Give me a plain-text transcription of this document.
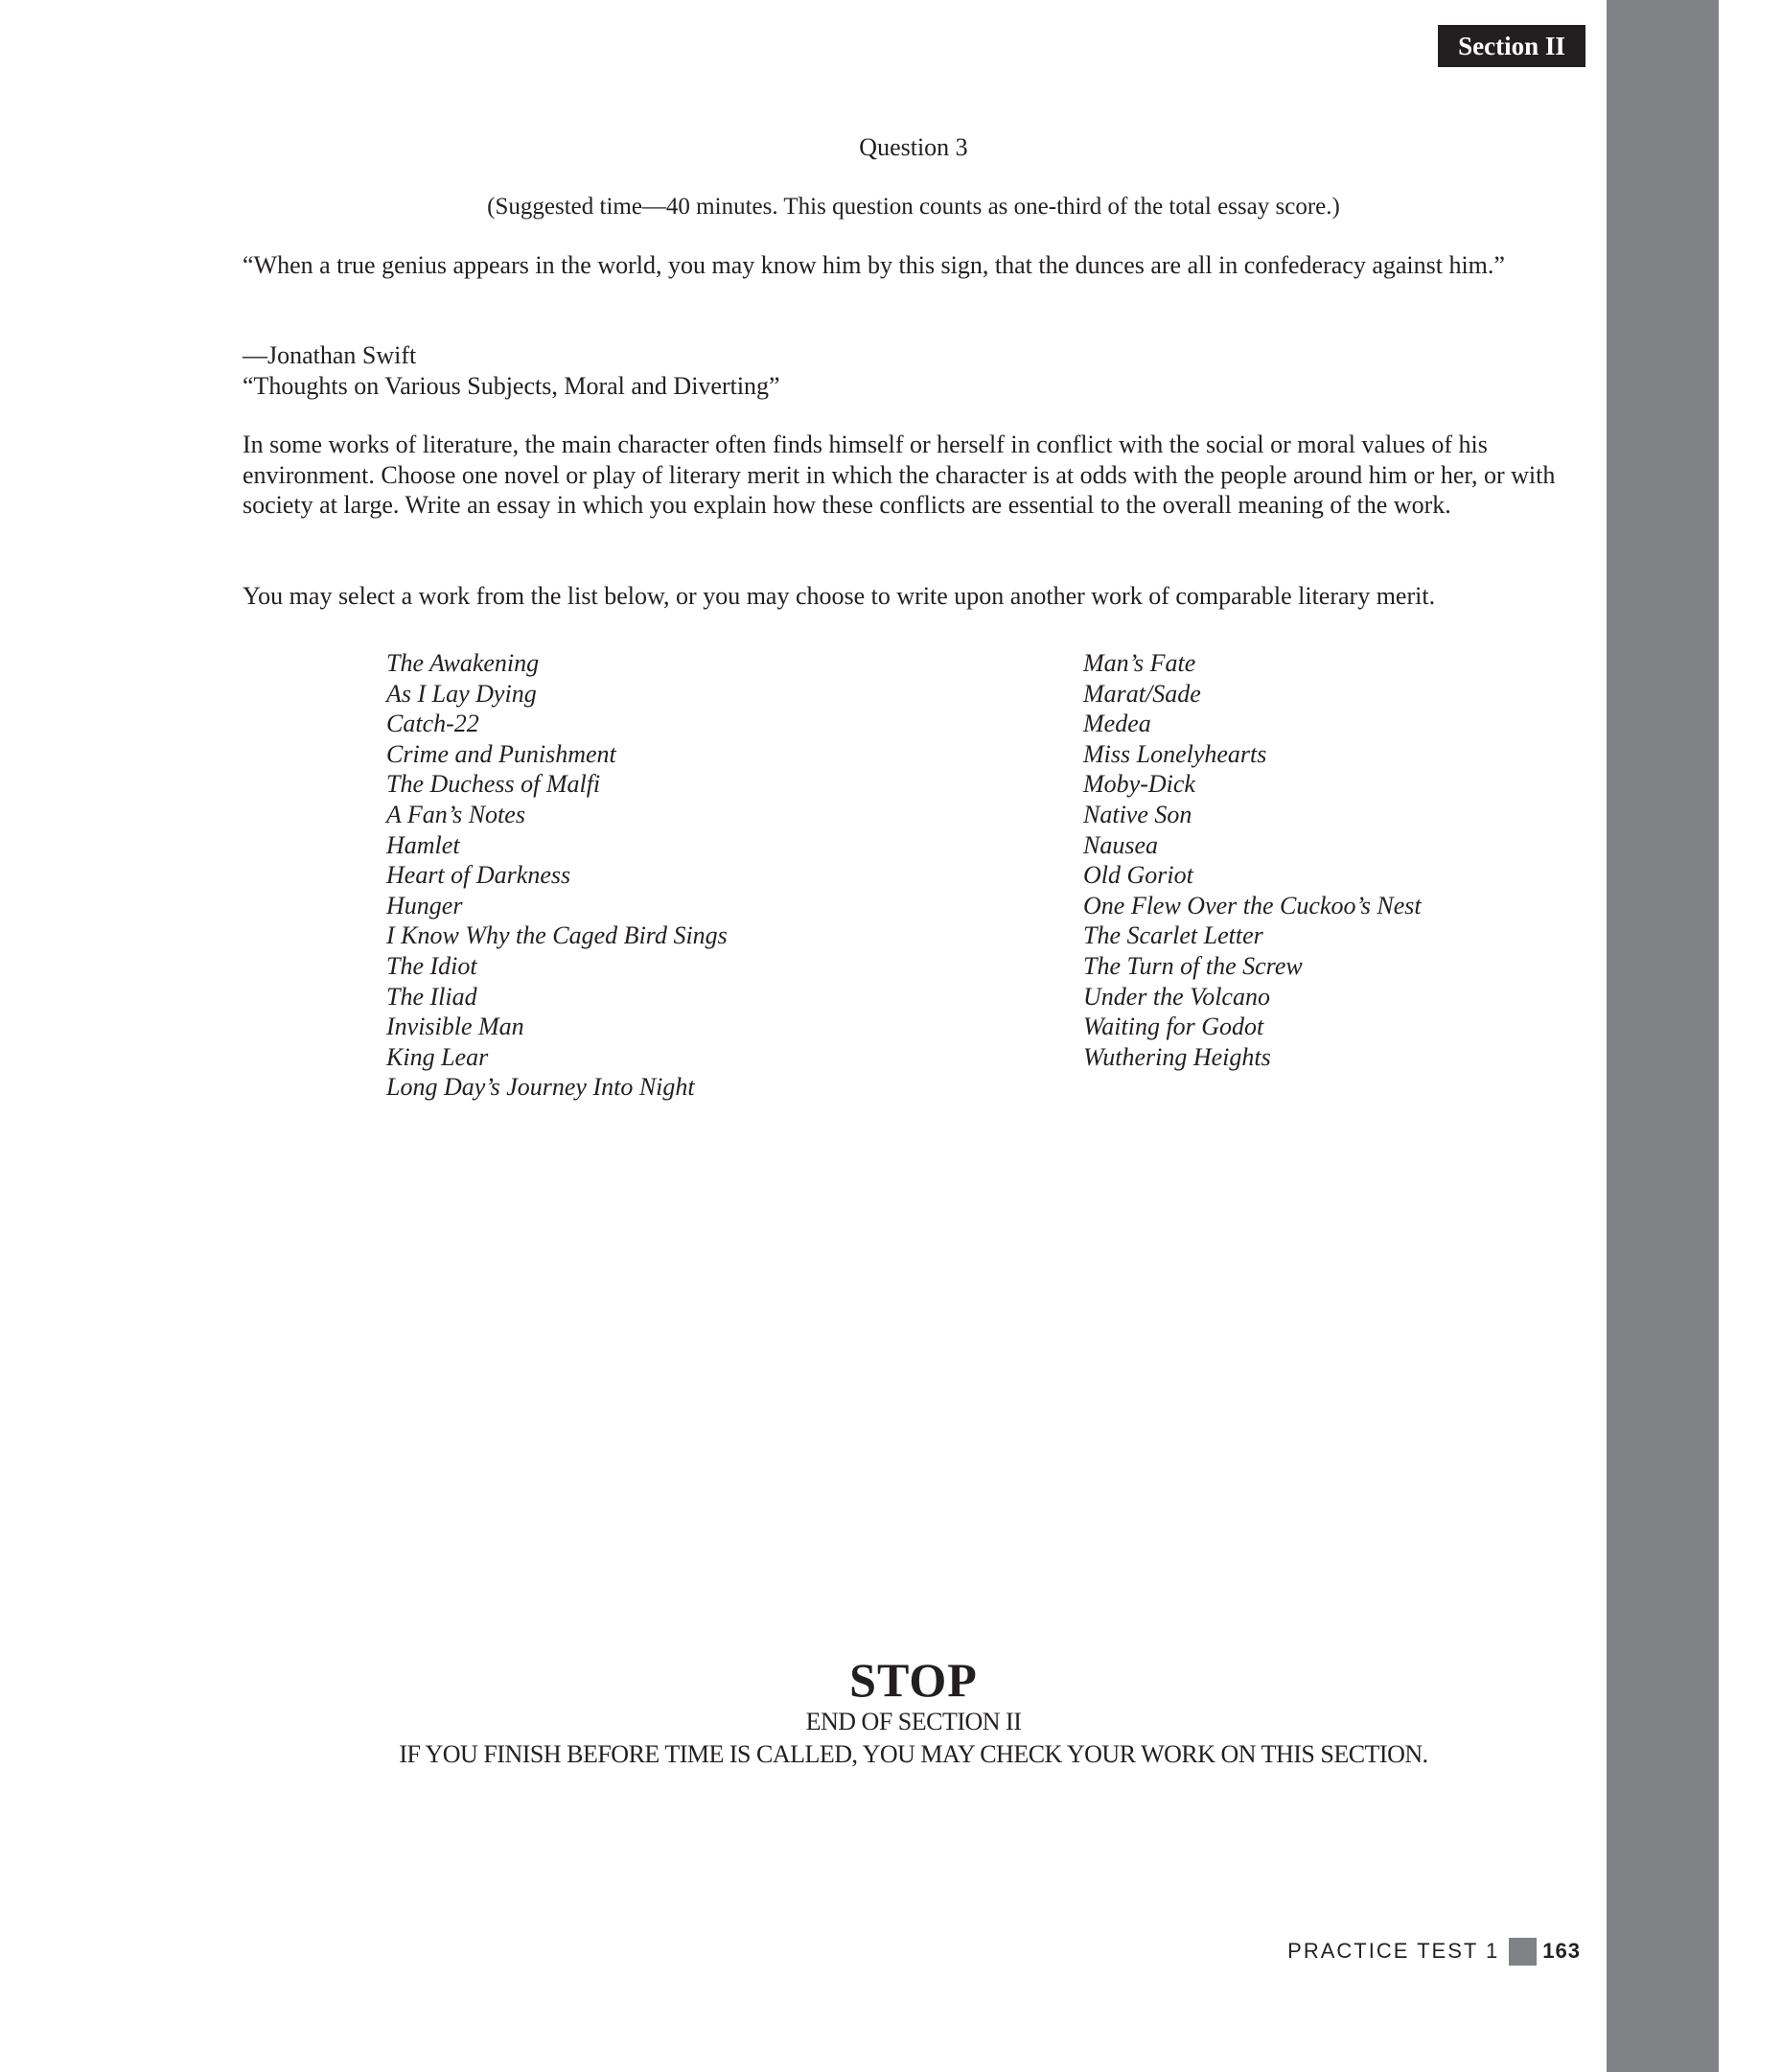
Section II
Question 3
(Suggested time—40 minutes. This question counts as one-third of the total essay score.)
“When a true genius appears in the world, you may know him by this sign, that the dunces are all in confederacy against him.”
—Jonathan Swift
“Thoughts on Various Subjects, Moral and Diverting”
In some works of literature, the main character often finds himself or herself in conflict with the social or moral values of his environment. Choose one novel or play of literary merit in which the character is at odds with the people around him or her, or with society at large. Write an essay in which you explain how these conflicts are essential to the overall meaning of the work.
You may select a work from the list below, or you may choose to write upon another work of comparable literary merit.
The Awakening
As I Lay Dying
Catch-22
Crime and Punishment
The Duchess of Malfi
A Fan’s Notes
Hamlet
Heart of Darkness
Hunger
I Know Why the Caged Bird Sings
The Idiot
The Iliad
Invisible Man
King Lear
Long Day’s Journey Into Night
Man’s Fate
Marat/Sade
Medea
Miss Lonelyhearts
Moby-Dick
Native Son
Nausea
Old Goriot
One Flew Over the Cuckoo’s Nest
The Scarlet Letter
The Turn of the Screw
Under the Volcano
Waiting for Godot
Wuthering Heights
STOP
END OF SECTION II
IF YOU FINISH BEFORE TIME IS CALLED, YOU MAY CHECK YOUR WORK ON THIS SECTION.
PRACTICE TEST 1 163
